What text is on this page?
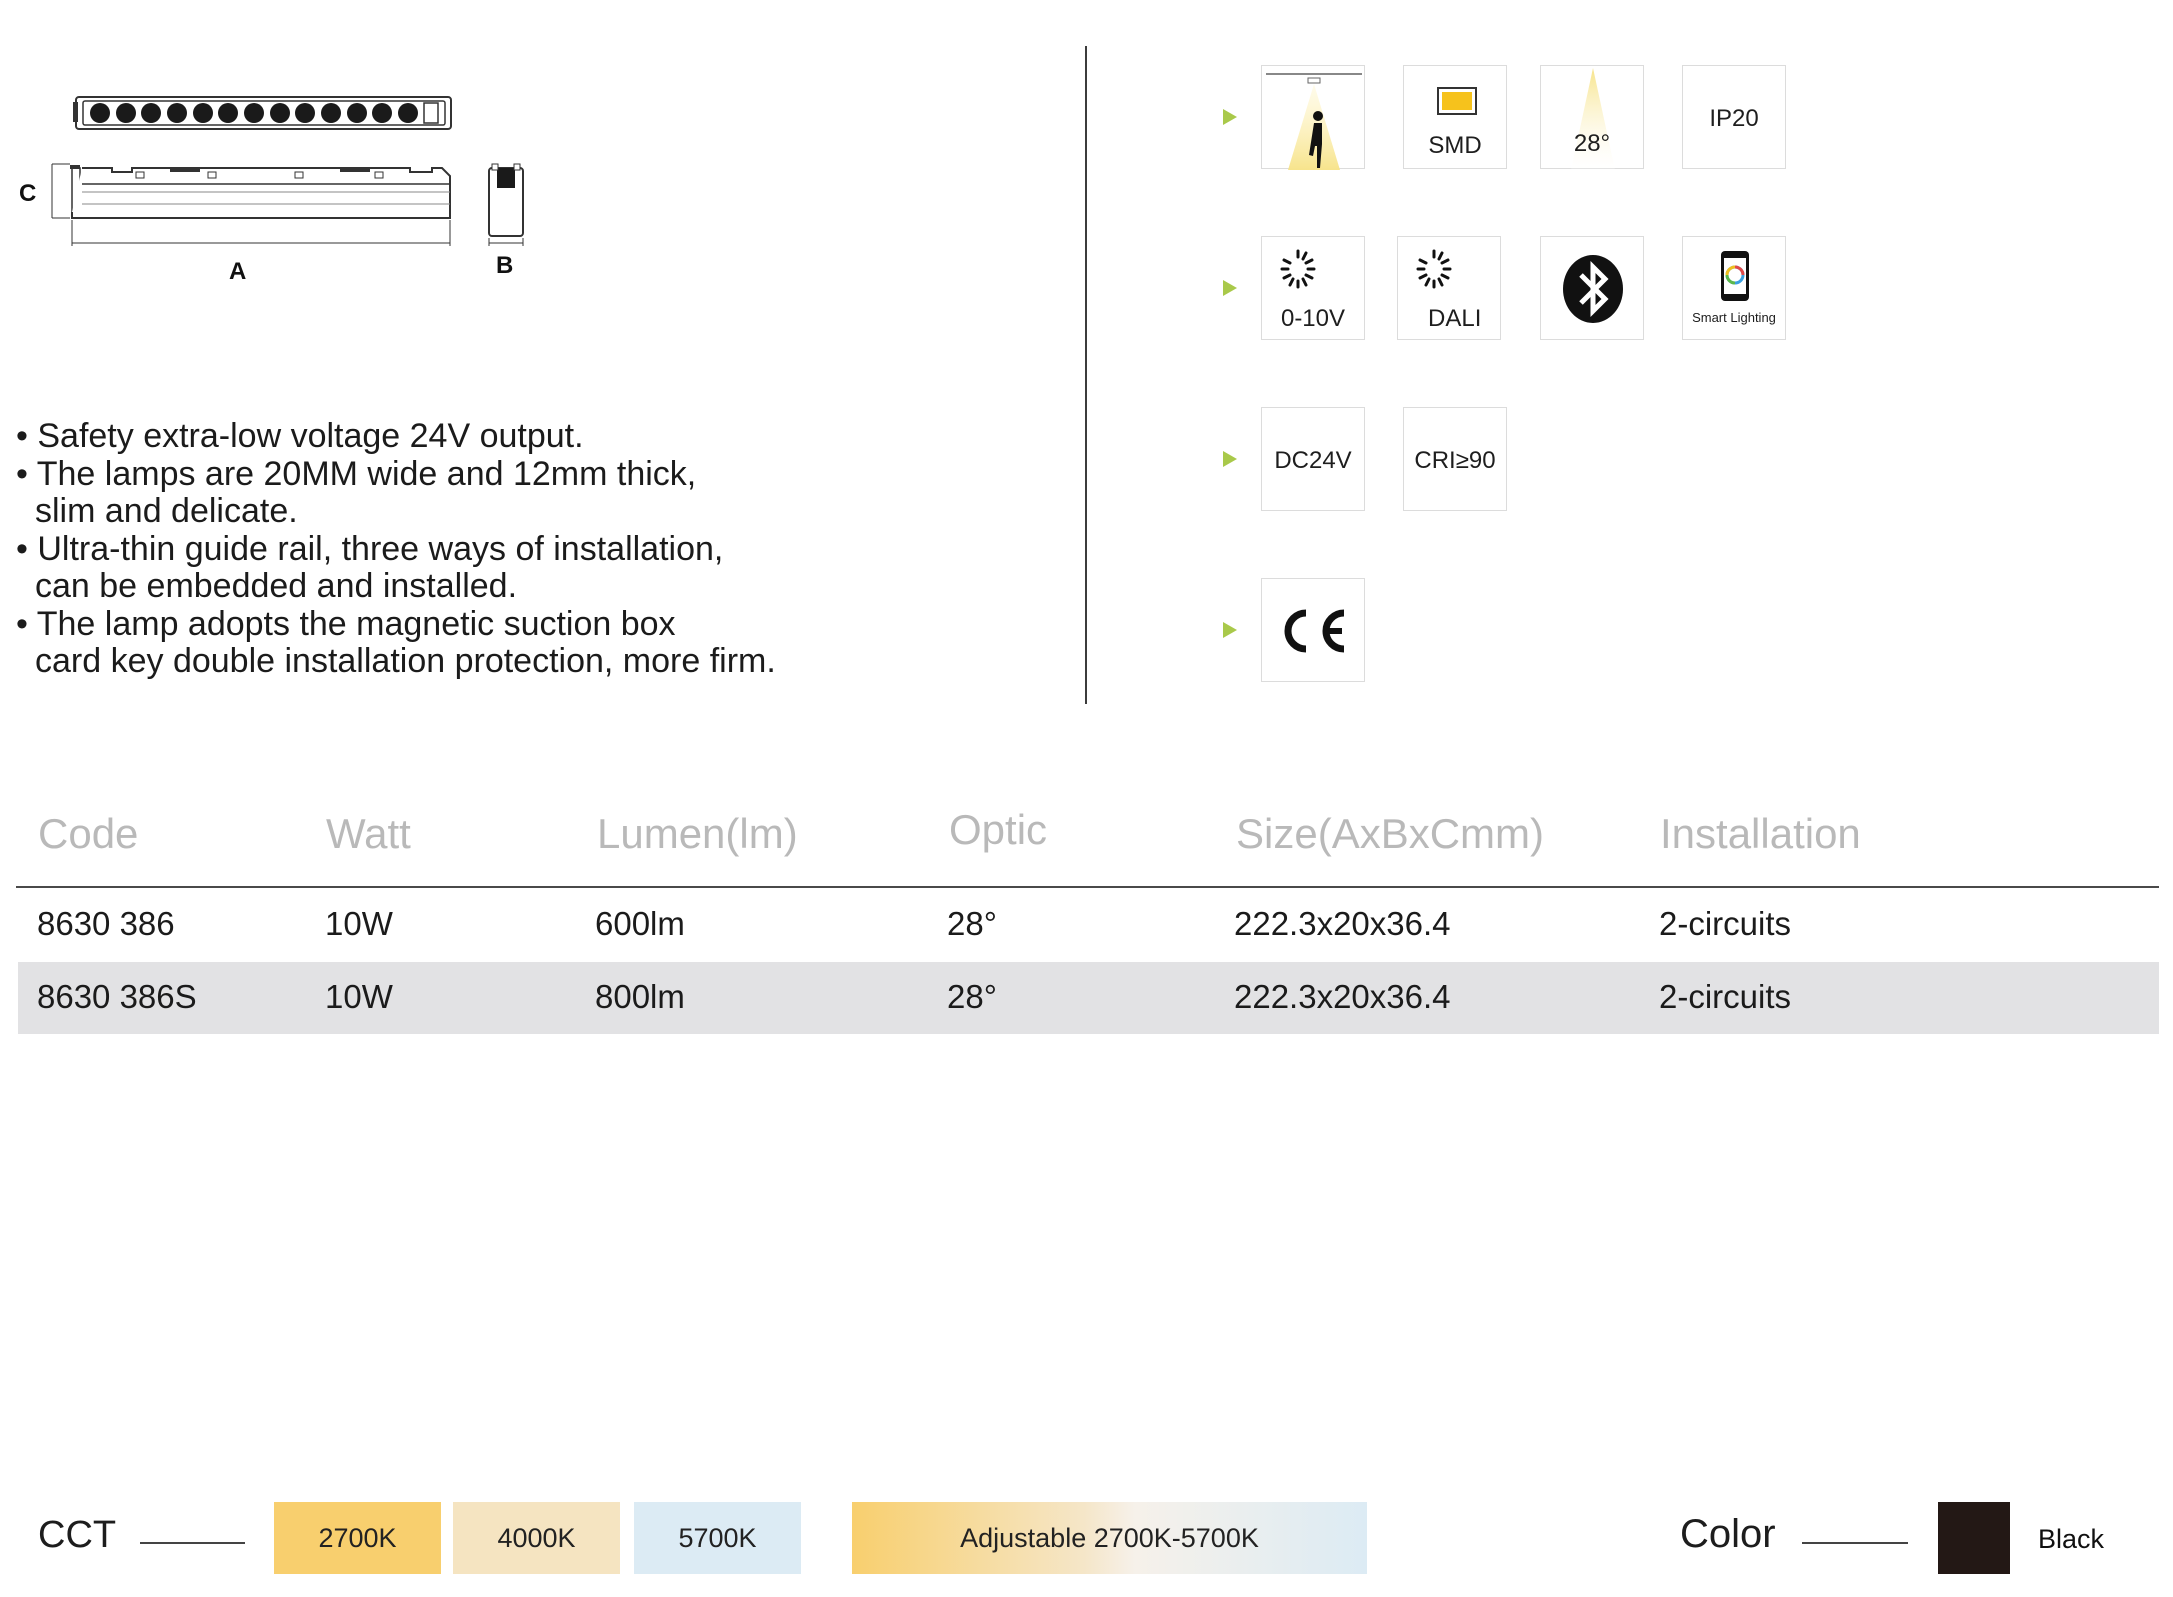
C
A	B
• Safety extra-low voltage 24V output.
• The lamps are 20MM wide and 12mm thick,
slim and delicate.
• Ultra-thin guide rail, three ways of installation,
can be embedded and installed.
• The lamp adopts the magnetic suction box
card key double installation protection, more firm.
SMD	28°
IP20
0-10V	DALI	Smart Lighting
DC24V	CRI≥90
Code	Watt	Lumen(lm)	Optic	Size(AxBxCmm)	Installation
8630 386	10W	600lm	28°	222.3x20x36.4	2-circuits
8630 386S	10W	800lm	28°	222.3x20x36.4	2-circuits
CCT	2700K	4000K	5700K	Adjustable 2700K-5700K	Color	Black
